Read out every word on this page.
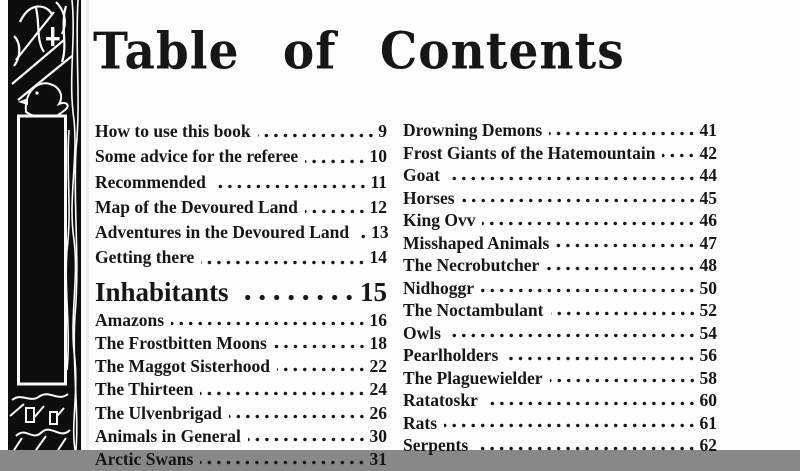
Table of Contents
How to use this book	9
Some advice for the referee	10
Recommended	11
Map of the Devoured Land	12
Adventures in the Devoured Land 13
Getting there	14
Inhabitants	15
Amazons	16
The Frostbitten Moons	18
The Maggot Sisterhood	22
The Thirteen	24
The Ulvenbrigad	26
Animals in General	30
Arctic Swans	31
Drowning Demons	41
Frost Giants of the Hatemountain	42
Goat	44
Horses	45
King Ovv	46
Misshaped Animals	47
The Necrobutcher	48
Nidhoggr	50
The Noctambulant	52
Owls	54
Pearlholders	56
The Plaguewielder	58
Ratatoskr	60
Rats	61
Serpents	62
